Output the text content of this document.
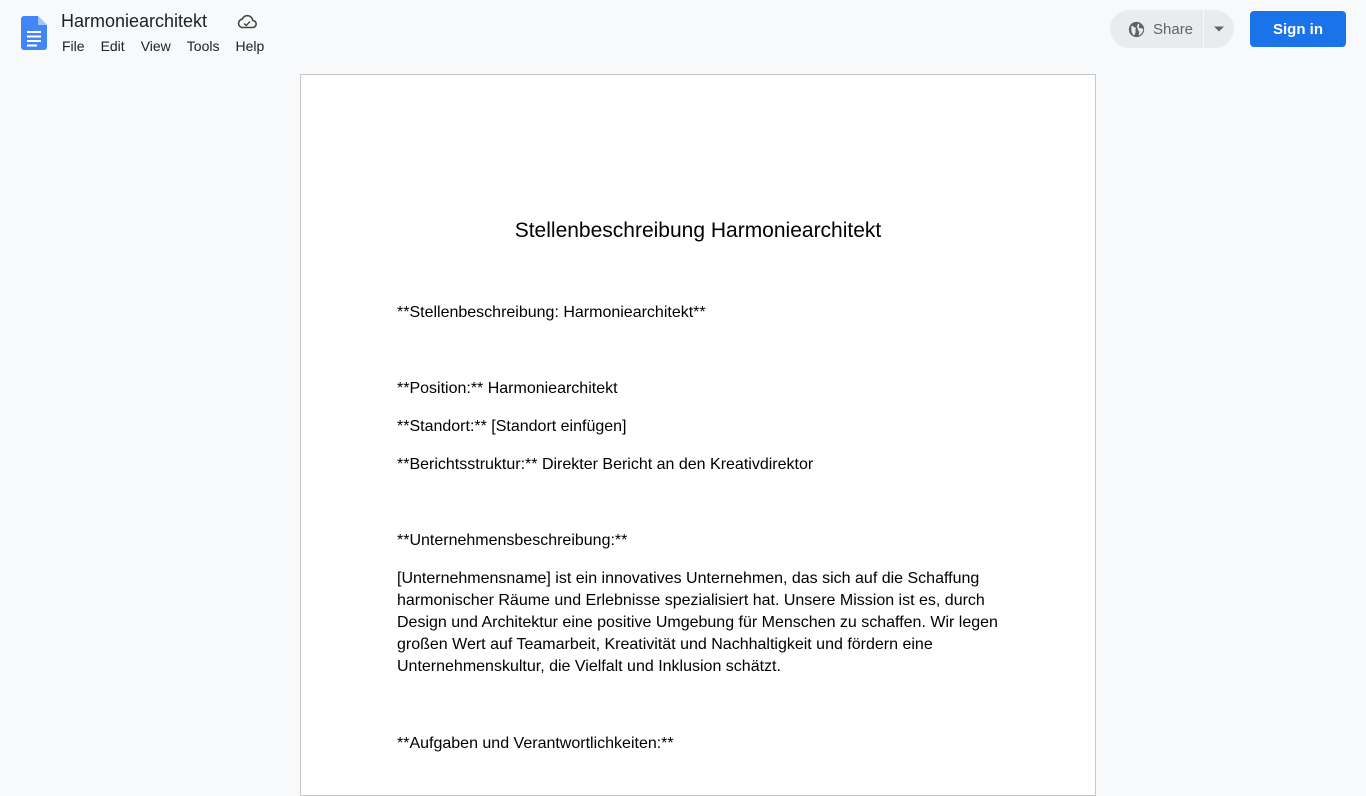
Harmoniearchitekt
File	Edit	View	Tools	Help
Share	Sign in
Stellenbeschreibung Harmoniearchitekt

**Stellenbeschreibung: Harmoniearchitekt**

**Position:** Harmoniearchitekt

**Standort:** [Standort einfügen]

**Berichtsstruktur:** Direkter Bericht an den Kreativdirektor

**Unternehmensbeschreibung:**

[Unternehmensname] ist ein innovatives Unternehmen, das sich auf die Schaffung harmonischer Räume und Erlebnisse spezialisiert hat. Unsere Mission ist es, durch Design und Architektur eine positive Umgebung für Menschen zu schaffen. Wir legen großen Wert auf Teamarbeit, Kreativität und Nachhaltigkeit und fördern eine Unternehmenskultur, die Vielfalt und Inklusion schätzt.

**Aufgaben und Verantwortlichkeiten:**
